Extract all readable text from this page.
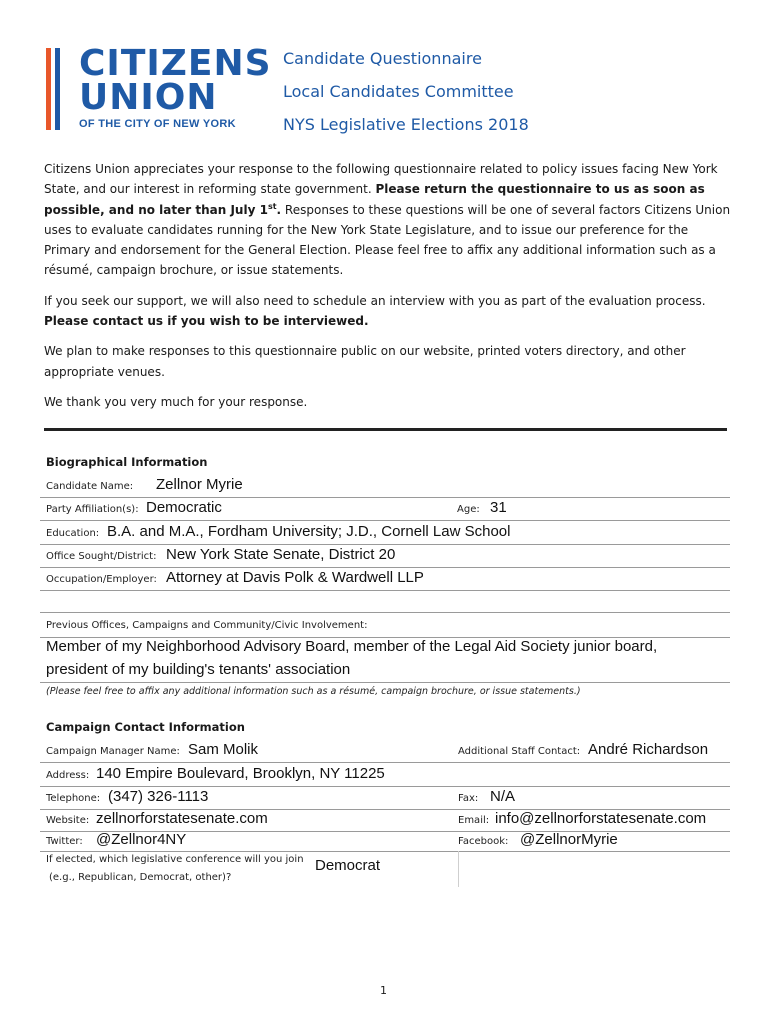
CITIZENS
UNION
OF THE CITY OF NEW YORK
Candidate Questionnaire
Local Candidates Committee
NYS Legislative Elections 2018

Citizens Union appreciates your response to the following questionnaire related to policy issues facing New York State, and our interest in reforming state government. Please return the questionnaire to us as soon as possible, and no later than July 1st. Responses to these questions will be one of several factors Citizens Union uses to evaluate candidates running for the New York State Legislature, and to issue our preference for the Primary and endorsement for the General Election. Please feel free to affix any additional information such as a résumé, campaign brochure, or issue statements.

If you seek our support, we will also need to schedule an interview with you as part of the evaluation process. Please contact us if you wish to be interviewed.

We plan to make responses to this questionnaire public on our website, printed voters directory, and other appropriate venues.

We thank you very much for your response.

Biographical Information
Candidate Name: Zellnor Myrie
Party Affiliation(s): Democratic	Age: 31
Education: B.A. and M.A., Fordham University; J.D., Cornell Law School
Office Sought/District: New York State Senate, District 20
Occupation/Employer: Attorney at Davis Polk & Wardwell LLP
Previous Offices, Campaigns and Community/Civic Involvement:
Member of my Neighborhood Advisory Board, member of the Legal Aid Society junior board,
president of my building's tenants' association
(Please feel free to affix any additional information such as a résumé, campaign brochure, or issue statements.)
Campaign Contact Information
Campaign Manager Name: Sam Molik	Additional Staff Contact: André Richardson
Address: 140 Empire Boulevard, Brooklyn, NY 11225
Telephone: (347) 326-1113	Fax: N/A
Website: zellnorforstatesenate.com	Email: info@zellnorforstatesenate.com
Twitter: @Zellnor4NY	Facebook: @ZellnorMyrie
If elected, which legislative conference will you join
(e.g., Republican, Democrat, other)?
Democrat
1
